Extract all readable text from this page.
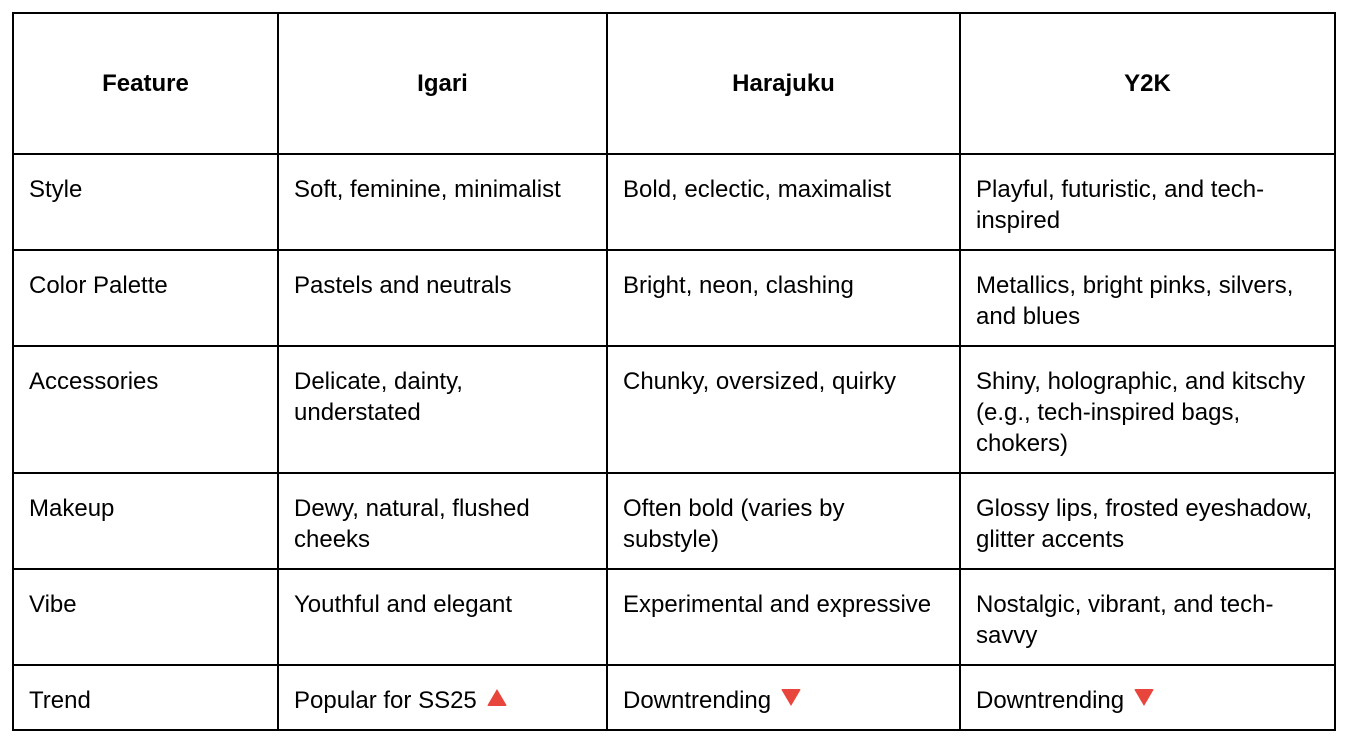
Feature	Igari	Harajuku	Y2K
Style	Soft, feminine, minimalist	Bold, eclectic, maximalist	Playful, futuristic, and tech-inspired
Color Palette	Pastels and neutrals	Bright, neon, clashing	Metallics, bright pinks, silvers, and blues
Accessories	Delicate, dainty, understated	Chunky, oversized, quirky	Shiny, holographic, and kitschy (e.g., tech-inspired bags, chokers)
Makeup	Dewy, natural, flushed cheeks	Often bold (varies by substyle)	Glossy lips, frosted eyeshadow, glitter accents
Vibe	Youthful and elegant	Experimental and expressive	Nostalgic, vibrant, and tech-savvy
Trend	Popular for SS25	Downtrending	Downtrending
